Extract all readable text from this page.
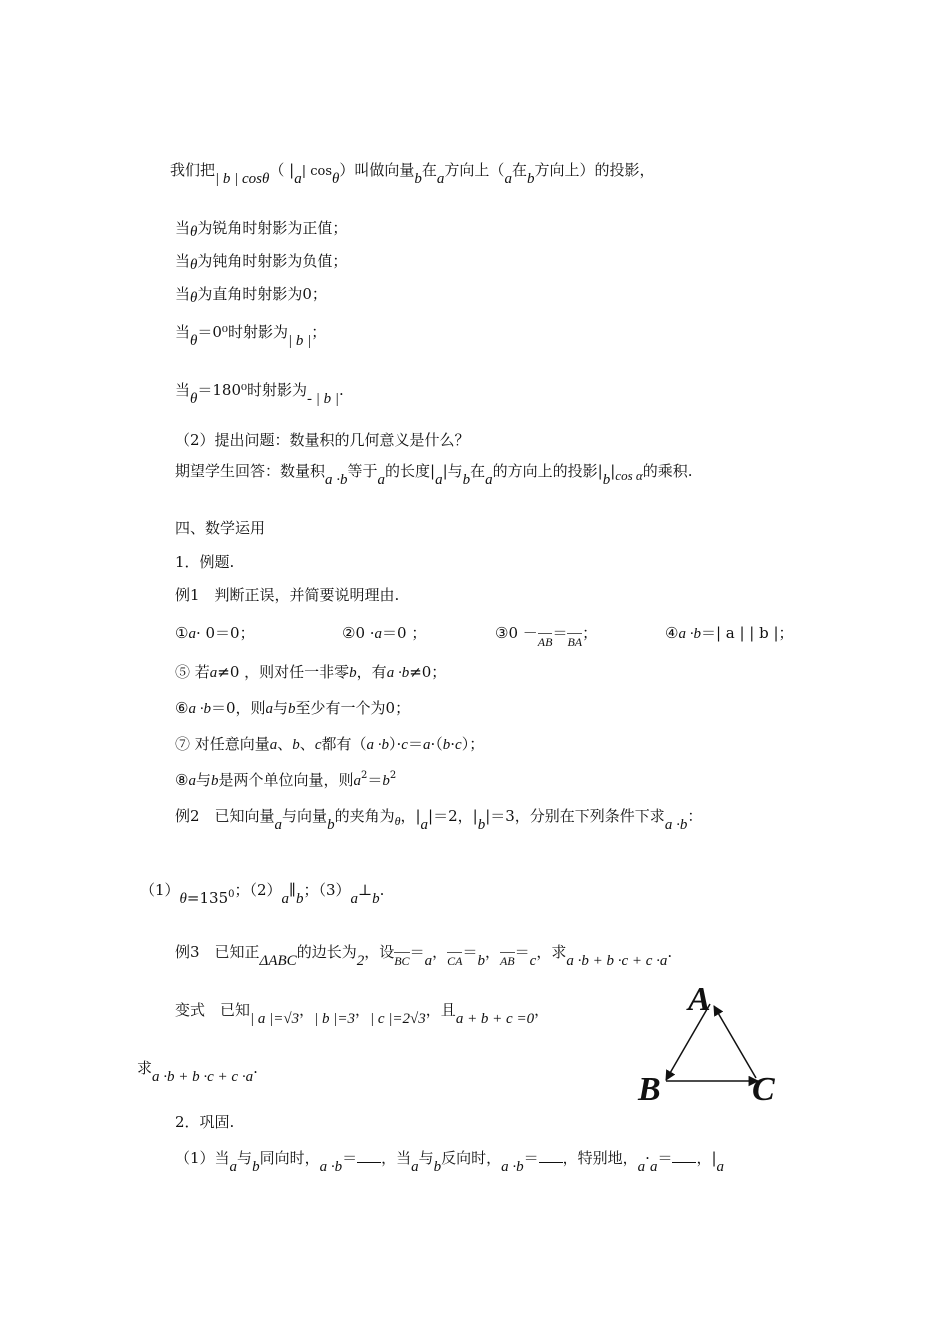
我们把| b | cosθ（ |a| cosθ）叫做向量b在a方向上（a在b方向上）的投影，
当θ为锐角时射影为正值；
当θ为钝角时射影为负值；
当θ为直角时射影为0；
当θ＝0⁰时射影为| b |；
当θ＝180⁰时射影为- | b |.
（2）提出问题：数量积的几何意义是什么？
期望学生回答：数量积a ·b等于a的长度|a|与b在a的方向上的投影|b|cos α的乘积.
四、数学运用
1．例题.
例1　判断正误，并简要说明理由.
①a· 0＝0；	②0 ·a＝0 ；	③0 $-_{AB}=_{BA}$；	④a ·b＝| a | | b |；
⑤ 若a≠0 ，则对任一非零b，有a ·b≠0；
⑥a ·b＝0，则a与b至少有一个为0；
⑦ 对任意向量a、b、c都有（a ·b）·c＝a·（b·c）；
⑧a与b是两个单位向量，则$a^2=b^2$
例2　已知向量a与向量b的夹角为$_\theta$，|a|＝2，|b|＝3，分别在下列条件下求a ·b：
（1）θ=1350；（2）a∥b；（3）a⊥b.
例3　已知正ΔABC的边长为2，设$_{BC}$＝a，$_{CA}$＝b，$_{AB}$＝c，求a ·b + b ·c + c ·a.
变式　已知| a |=√3，| b |=3，| c |=2√3，且a + b + c =0，
求a ·b + b ·c + c ·a.
2．巩固.
（1）当a与b同向时，a ·b＝ ，当a与b反向时，a ·b＝ ，特别地，a·a＝ ，|a
A
B	C
